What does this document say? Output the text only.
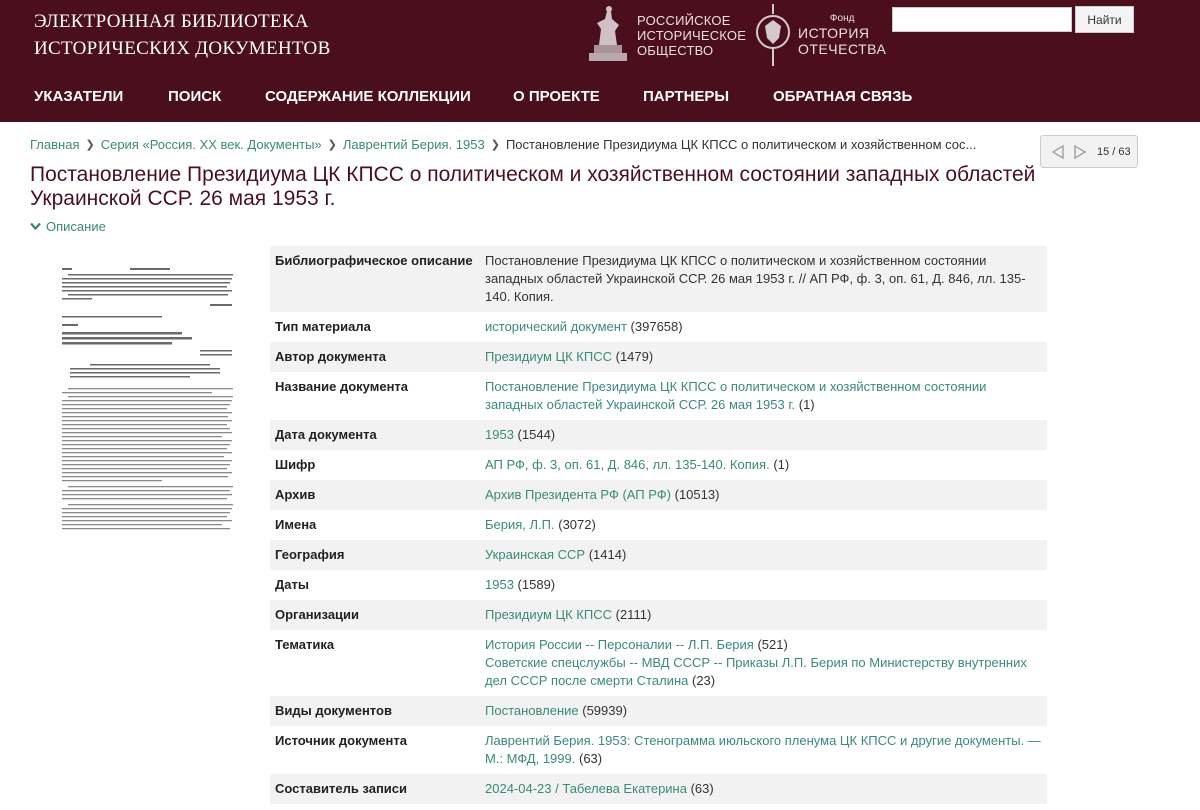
ЭЛЕКТРОННАЯ БИБЛИОТЕКА
ИСТОРИЧЕСКИХ ДОКУМЕНТОВ
РОССИЙСКОЕ
ИСТОРИЧЕСКОЕ
ОБЩЕСТВО
Фонд
ИСТОРИЯ
ОТЕЧЕСТВА
Найти
УКАЗАТЕЛИ	ПОИСК	СОДЕРЖАНИЕ КОЛЛЕКЦИИ	О ПРОЕКТЕ	ПАРТНЕРЫ	ОБРАТНАЯ СВЯЗЬ
Главная ❯ Серия «Россия. XX век. Документы» ❯ Лаврентий Берия. 1953 ❯ Постановление Президиума ЦК КПСС о политическом и хозяйственном сос...	15 / 63
Постановление Президиума ЦК КПСС о политическом и хозяйственном состоянии западных областей Украинской ССР. 26 мая 1953 г.
Описание
Библиографическое описание Постановление Президиума ЦК КПСС о политическом и хозяйственном состоянии западных областей Украинской ССР. 26 мая 1953 г. // АП РФ, ф. 3, оп. 61, Д. 846, лл. 135-140. Копия.
Тип материала	исторический документ (397658)
Автор документа	Президиум ЦК КПСС (1479)
Название документа	Постановление Президиума ЦК КПСС о политическом и хозяйственном состоянии западных областей Украинской ССР. 26 мая 1953 г. (1)
Дата документа	1953 (1544)
Шифр	АП РФ, ф. 3, оп. 61, Д. 846, лл. 135-140. Копия. (1)
Архив	Архив Президента РФ (АП РФ) (10513)
Имена	Берия, Л.П. (3072)
География	Украинская ССР (1414)
Даты	1953 (1589)
Организации	Президиум ЦК КПСС (2111)
Тематика	История России -- Персоналии -- Л.П. Берия (521)
Советские спецслужбы -- МВД СССР -- Приказы Л.П. Берия по Министерству внутренних дел СССР после смерти Сталина (23)
Виды документов	Постановление (59939)
Источник документа	Лаврентий Берия. 1953: Стенограмма июльского пленума ЦК КПСС и другие документы. — М.: МФД, 1999. (63)
Составитель записи	2024-04-23 / Табелева Екатерина (63)
